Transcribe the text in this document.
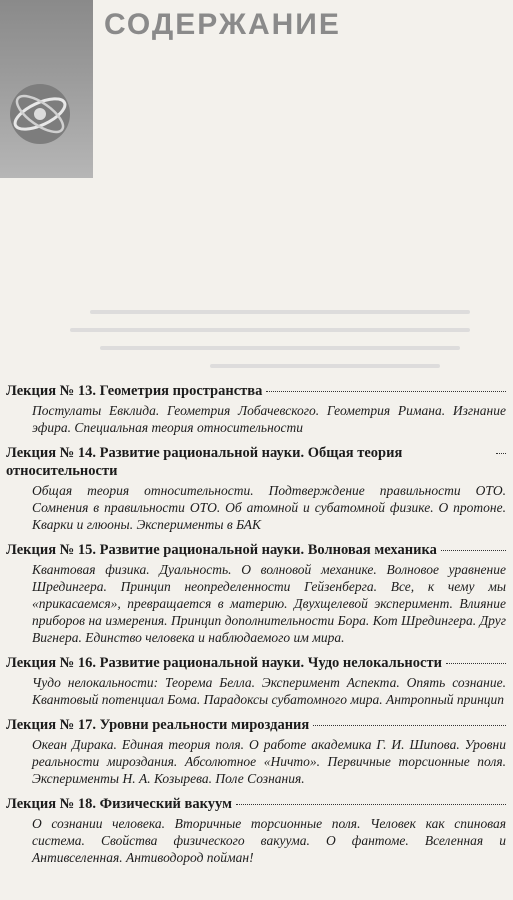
СОДЕРЖАНИЕ
Лекция № 13. Геометрия пространства
Постулаты Евклида. Геометрия Лобачевского. Геометрия Римана. Изгнание эфира. Специальная теория относительности
Лекция № 14. Развитие рациональной науки. Общая теория относительности
Общая теория относительности. Подтверждение правильности ОТО. Сомнения в правильности ОТО. Об атомной и субатомной физике. О протоне. Кварки и глюоны. Эксперименты в БАК
Лекция № 15. Развитие рациональной науки. Волновая механика
Квантовая физика. Дуальность. О волновой механике. Волновое уравнение Шредингера. Принцип неопределенности Гейзенберга. Все, к чему мы «прикасаемся», превращается в материю. Двухщелевой эксперимент. Влияние приборов на измерения. Принцип дополнительности Бора. Кот Шредингера. Друг Вигнера. Единство человека и наблюдаемого им мира.
Лекция № 16. Развитие рациональной науки. Чудо нелокальности
Чудо нелокальности: Теорема Белла. Эксперимент Аспекта. Опять сознание. Квантовый потенциал Бома. Парадоксы субатомного мира. Антропный принцип
Лекция № 17. Уровни реальности мироздания
Океан Дирака. Единая теория поля. О работе академика Г. И. Шипова. Уровни реальности мироздания. Абсолютное «Ничто». Первичные торсионные поля. Эксперименты Н. А. Козырева. Поле Сознания.
Лекция № 18. Физический вакуум
О сознании человека. Вторичные торсионные поля. Человек как спиновая система. Свойства физического вакуума. О фантоме. Вселенная и Антивселенная. Антиводород пойман!
